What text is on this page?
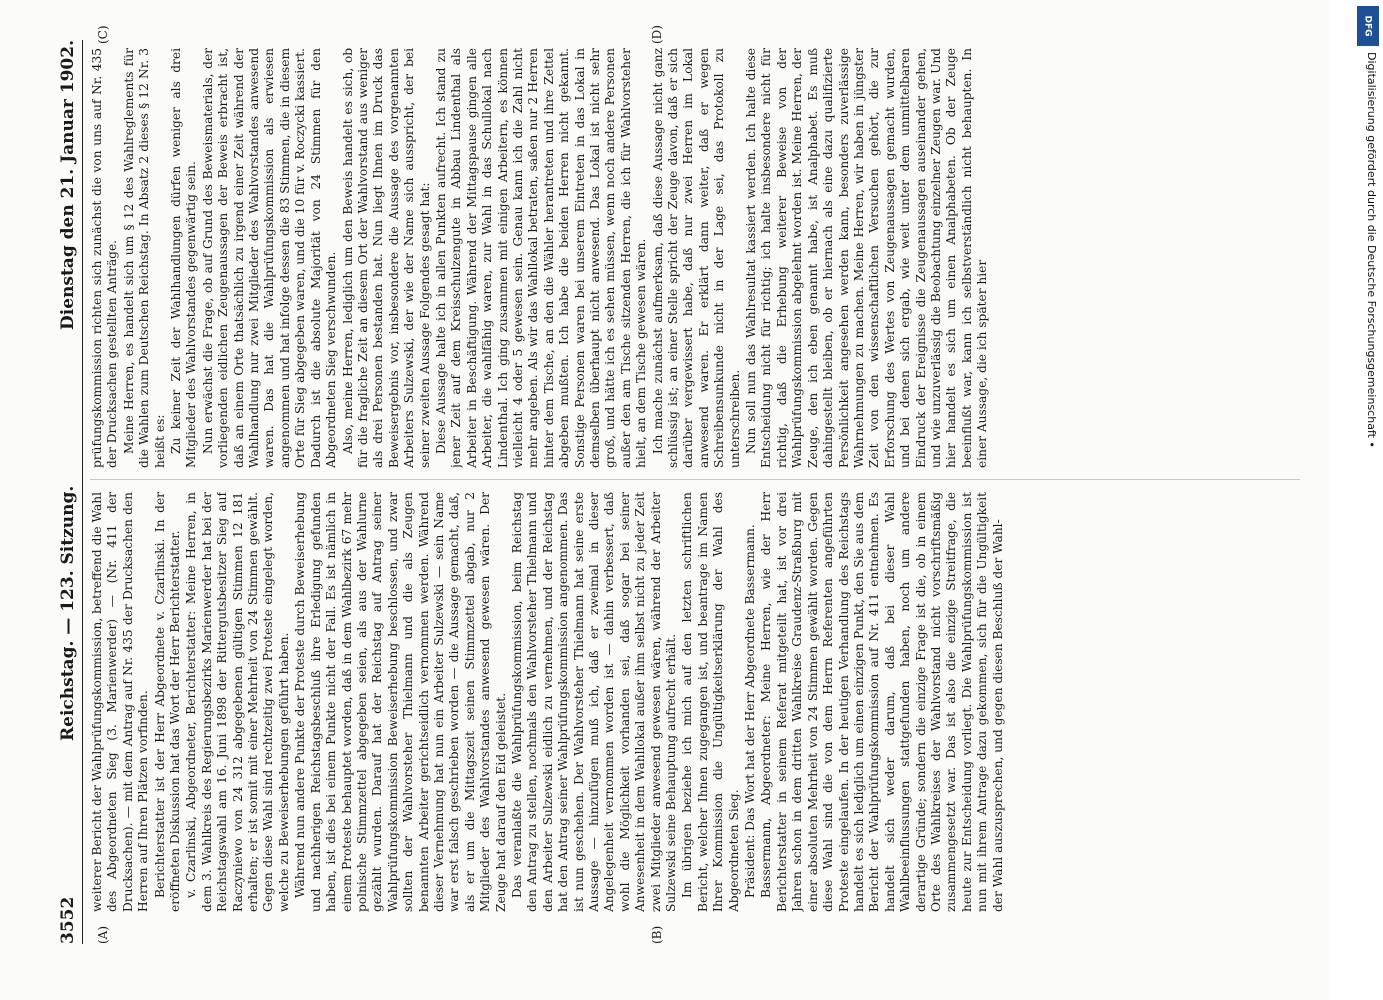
3552
Reichstag. — 123. Sitzung.
Dienstag den 21. Januar 1902.
(A)	(B)
(C)	(D)

weiterer Bericht der Wahlprüfungskommission, betreffend die Wahl des Abgeordneten Sieg (3. Marienwerder) — (Nr. 411 der Drucksachen). — mit dem Antrag auf Nr. 435 der Drucksachen den Herren auf Ihren Plätzen vorfinden. Berichterstatter ist der Herr Abgeordnete v. Czarlinski. In der eröffneten Diskussion hat das Wort der Herr Berichterstatter. v. Czarlinski, Abgeordneter, Berichterstatter: Meine Herren, in dem 3. Wahlkreis des Regierungsbezirks Marienwerder hat bei der Reichstagswahl am 16. Juni 1898 der Rittergutsbesitzer Sieg auf Raczyniewo von 24 312 abgegebenen gültigen Stimmen 12 181 erhalten; er ist somit mit einer Mehrheit von 24 Stimmen gewählt. Gegen diese Wahl sind rechtzeitig zwei Proteste eingelegt worden, welche zu Beweiserhebungen geführt haben. Während nun andere Punkte der Proteste durch Beweiserhebung und nachherigen Reichstagsbeschluß ihre Erledigung gefunden haben, ist dies bei einem Punkte nicht der Fall. Es ist nämlich in einem Proteste behauptet worden, daß in dem Wahlbezirk 67 mehr polnische Stimmzettel abgegeben seien, als aus der Wahlurne gezählt wurden. Darauf hat der Reichstag auf Antrag seiner Wahlprüfungskommission Beweiserhebung beschlossen, und zwar sollten der Wahlvorsteher Thielmann und die als Zeugen benannten Arbeiter gerichtseidlich vernommen werden. Während dieser Vernehmung hat nun ein Arbeiter Sulzewski — sein Name war erst falsch geschrieben worden — die Aussage gemacht, daß, als er um die Mittagszeit seinen Stimmzettel abgab, nur 2 Mitglieder des Wahlvorstandes anwesend gewesen wären. Der Zeuge hat darauf den Eid geleistet. Das veranlaßte die Wahlprüfungskommission, beim Reichstag den Antrag zu stellen, nochmals den Wahlvorsteher Thielmann und den Arbeiter Sulzewski eidlich zu vernehmen, und der Reichstag hat den Antrag seiner Wahlprüfungskommission angenommen. Das ist nun geschehen. Der Wahlvorsteher Thielmann hat seine erste Aussage — hinzufügen muß ich, daß er zweimal in dieser Angelegenheit vernommen worden ist — dahin verbessert, daß wohl die Möglichkeit vorhanden sei, daß sogar bei seiner Anwesenheit in dem Wahllokal außer ihm selbst nicht zu jeder Zeit zwei Mitglieder anwesend gewesen wären, während der Arbeiter Sulzewski seine Behauptung aufrecht erhält. Im übrigen beziehe ich mich auf den letzten schriftlichen Bericht, welcher Ihnen zugegangen ist, und beantrage im Namen Ihrer Kommission die Ungültigkeitserklärung der Wahl des Abgeordneten Sieg. Präsident: Das Wort hat der Herr Abgeordnete Bassermann. Bassermann, Abgeordneter: Meine Herren, wie der Herr Berichterstatter in seinem Referat mitgeteilt hat, ist vor drei Jahren schon in dem dritten Wahlkreise Graudenz-Straßburg mit einer absoluten Mehrheit von 24 Stimmen gewählt worden. Gegen diese Wahl sind die von dem Herrn Referenten angeführten Proteste eingelaufen. In der heutigen Verhandlung des Reichstags handelt es sich lediglich um einen einzigen Punkt, den Sie aus dem Bericht der Wahlprüfungskommission auf Nr. 411 entnehmen. Es handelt sich weder darum, daß bei dieser Wahl Wahlbeeinflussungen stattgefunden haben, noch um andere derartige Gründe; sondern die einzige Frage ist die, ob in einem Orte des Wahlkreises der Wahlvorstand nicht vorschriftsmäßig zusammengesetzt war. Das ist also die einzige Streitfrage, die heute zur Entscheidung vorliegt. Die Wahlprüfungskommission ist nun mit ihrem Antrage dazu gekommen, sich für die Ungültigkeit der Wahl auszusprechen, und gegen diesen Beschluß der Wahl-

prüfungskommission richten sich zunächst die von uns auf Nr. 435 der Drucksachen gestellten Anträge. Meine Herren, es handelt sich um § 12 des Wahlreglements für die Wahlen zum Deutschen Reichstag. In Absatz 2 dieses § 12 Nr. 3 heißt es: Zu keiner Zeit der Wahlhandlungen dürfen weniger als drei Mitglieder des Wahlvorstandes gegenwärtig sein. Nun erwächst die Frage, ob auf Grund des Beweismaterials, der vorliegenden eidlichen Zeugenaussagen der Beweis erbracht ist, daß an einem Orte thatsächlich zu irgend einer Zeit während der Wahlhandlung nur zwei Mitglieder des Wahlvorstandes anwesend waren. Das hat die Wahlprüfungskommission als erwiesen angenommen und hat infolge dessen die 83 Stimmen, die in diesem Orte für Sieg abgegeben waren, und die 10 für v. Roczycki kassiert. Dadurch ist die absolute Majorität von 24 Stimmen für den Abgeordneten Sieg verschwunden. Also, meine Herren, lediglich um den Beweis handelt es sich, ob für die fragliche Zeit an diesem Ort der Wahlvorstand aus weniger als drei Personen bestanden hat. Nun liegt Ihnen im Druck das Beweisergebnis vor, insbesondere die Aussage des vorgenannten Arbeiters Sulzewski, der wie der Name sich ausspricht, der bei seiner zweiten Aussage Folgendes gesagt hat: Diese Aussage halte ich in allen Punkten aufrecht. Ich stand zu jener Zeit auf dem Kreisschulzengute in Abbau Lindenthal als Arbeiter in Beschäftigung. Während der Mittagspause gingen alle Arbeiter, die wahlfähig waren, zur Wahl in das Schullokal nach Lindenthal. Ich ging zusammen mit einigen Arbeitern, es können vielleicht 4 oder 5 gewesen sein. Genau kann ich die Zahl nicht mehr angeben. Als wir das Wahllokal betraten, saßen nur 2 Herren hinter dem Tische, an den die Wähler herantreten und ihre Zettel abgeben mußten. Ich habe die beiden Herren nicht gekannt. Sonstige Personen waren bei unserem Eintreten in das Lokal in demselben überhaupt nicht anwesend. Das Lokal ist nicht sehr groß, und hätte ich es sehen müssen, wenn noch andere Personen außer den am Tische sitzenden Herren, die ich für Wahlvorsteher hielt, an dem Tische gewesen wären. Ich mache zunächst aufmerksam, daß diese Aussage nicht ganz schlüssig ist; an einer Stelle spricht der Zeuge davon, daß er sich darüber vergewissert habe, daß nur zwei Herren im Lokal anwesend waren. Er erklärt dann weiter, daß er wegen Schreibensunkunde nicht in der Lage sei, das Protokoll zu unterschreiben. Nun soll nun das Wahlresultat kassiert werden. Ich halte diese Entscheidung nicht für richtig; ich halte insbesondere nicht für richtig, daß die Erhebung weiterer Beweise von der Wahlprüfungskommission abgelehnt worden ist. Meine Herren, der Zeuge, den ich eben genannt habe, ist Analphabet. Es muß dahingestellt bleiben, ob er hiernach als eine dazu qualifizierte Persönlichkeit angesehen werden kann, besonders zuverlässige Wahrnehmungen zu machen. Meine Herren, wir haben in jüngster Zeit von den wissenschaftlichen Versuchen gehört, die zur Erforschung des Wertes von Zeugenaussagen gemacht wurden, und bei denen sich ergab, wie weit unter dem unmittelbaren Eindruck der Ereignisse die Zeugenaussagen auseinander gehen, und wie unzuverlässig die Beobachtung einzelner Zeugen war. Und hier handelt es sich um einen Analphabeten. Ob der Zeuge beeinflußt war, kann ich selbstverständlich nicht behaupten. In einer Aussage, die ich später hier

DFG
Digitalisierung gefördert durch die Deutsche Forschungsgemeinschaft •
